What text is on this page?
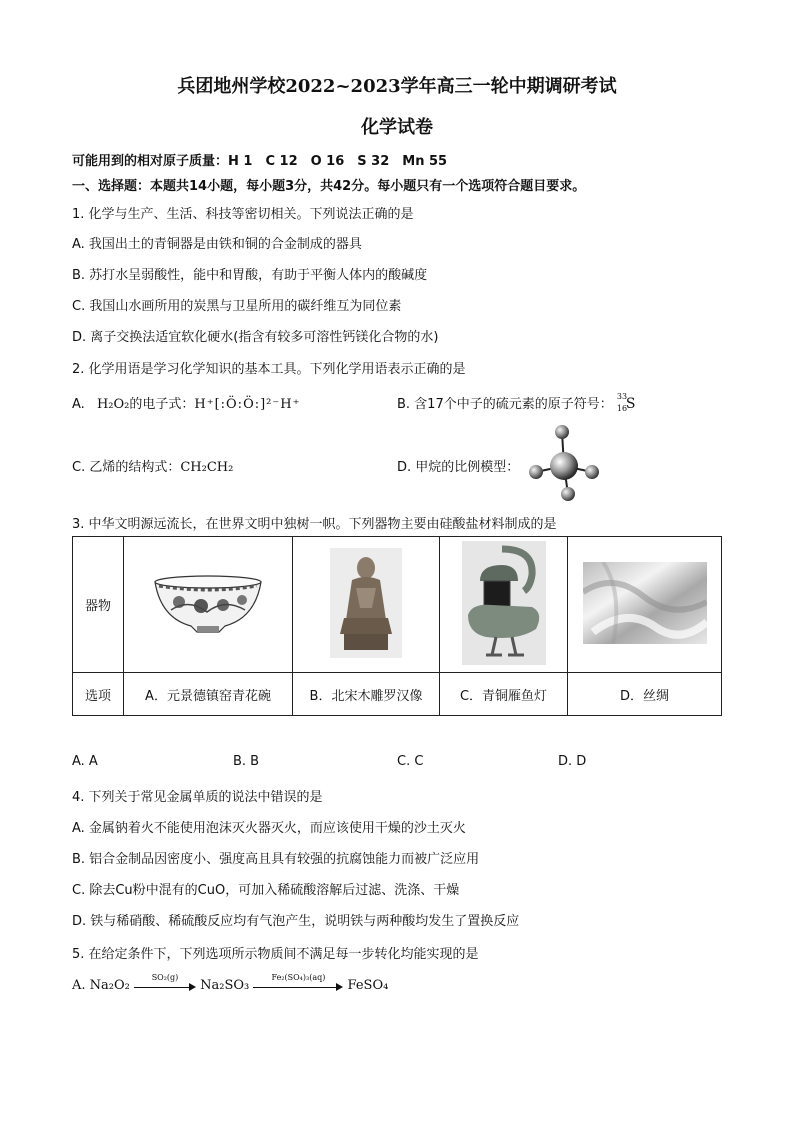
兵团地州学校2022~2023学年高三一轮中期调研考试
化学试卷
可能用到的相对原子质量：H 1　C 12　O 16　S 32　Mn 55
一、选择题：本题共14小题，每小题3分，共42分。每小题只有一个选项符合题目要求。
1. 化学与生产、生活、科技等密切相关。下列说法正确的是
A. 我国出土的青铜器是由铁和铜的合金制成的器具
B. 苏打水呈弱酸性，能中和胃酸，有助于平衡人体内的酸碱度
C. 我国山水画所用的炭黑与卫星所用的碳纤维互为同位素
D. 离子交换法适宜软化硬水(指含有较多可溶性钙镁化合物的水)
2. 化学用语是学习化学知识的基本工具。下列化学用语表示正确的是
A. H₂O₂的电子式：H⁺[:Ö:Ö:]²⁻H⁺	B. 含17个中子的硫元素的原子符号：
33
16
S
C. 乙烯的结构式：CH₂CH₂	D. 甲烷的比例模型：
3. 中华文明源远流长，在世界文明中独树一帜。下列器物主要由硅酸盐材料制成的是
器物				
选项	A．元景德镇窑青花碗	B．北宋木雕罗汉像	C．青铜雁鱼灯	D．丝绸
A. A	B. B	C. C	D. D
4. 下列关于常见金属单质的说法中错误的是
A. 金属钠着火不能使用泡沫灭火器灭火，而应该使用干燥的沙土灭火
B. 铝合金制品因密度小、强度高且具有较强的抗腐蚀能力而被广泛应用
C. 除去Cu粉中混有的CuO，可加入稀硫酸溶解后过滤、洗涤、干燥
D. 铁与稀硝酸、稀硫酸反应均有气泡产生，说明铁与两种酸均发生了置换反应
5. 在给定条件下，下列选项所示物质间不满足每一步转化均能实现的是
A. Na₂O₂
SO₂(g)
Na₂SO₃
Fe₂(SO₄)₃(aq)
FeSO₄
